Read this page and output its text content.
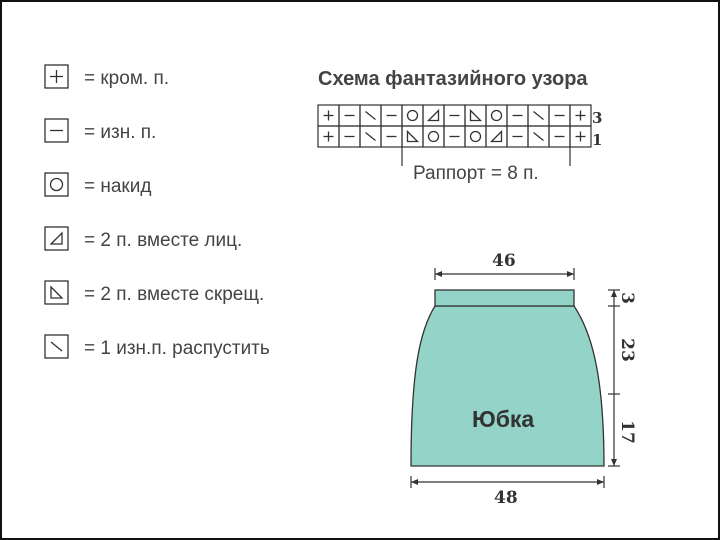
= кром. п.
= изн. п.
= накид
= 2 п. вместе лиц.
= 2 п. вместе скрещ.
= 1 изн.п. распустить
Схема фантазийного узора
3
1
Раппорт = 8 п.
Юбка
46
48
3
23
17
